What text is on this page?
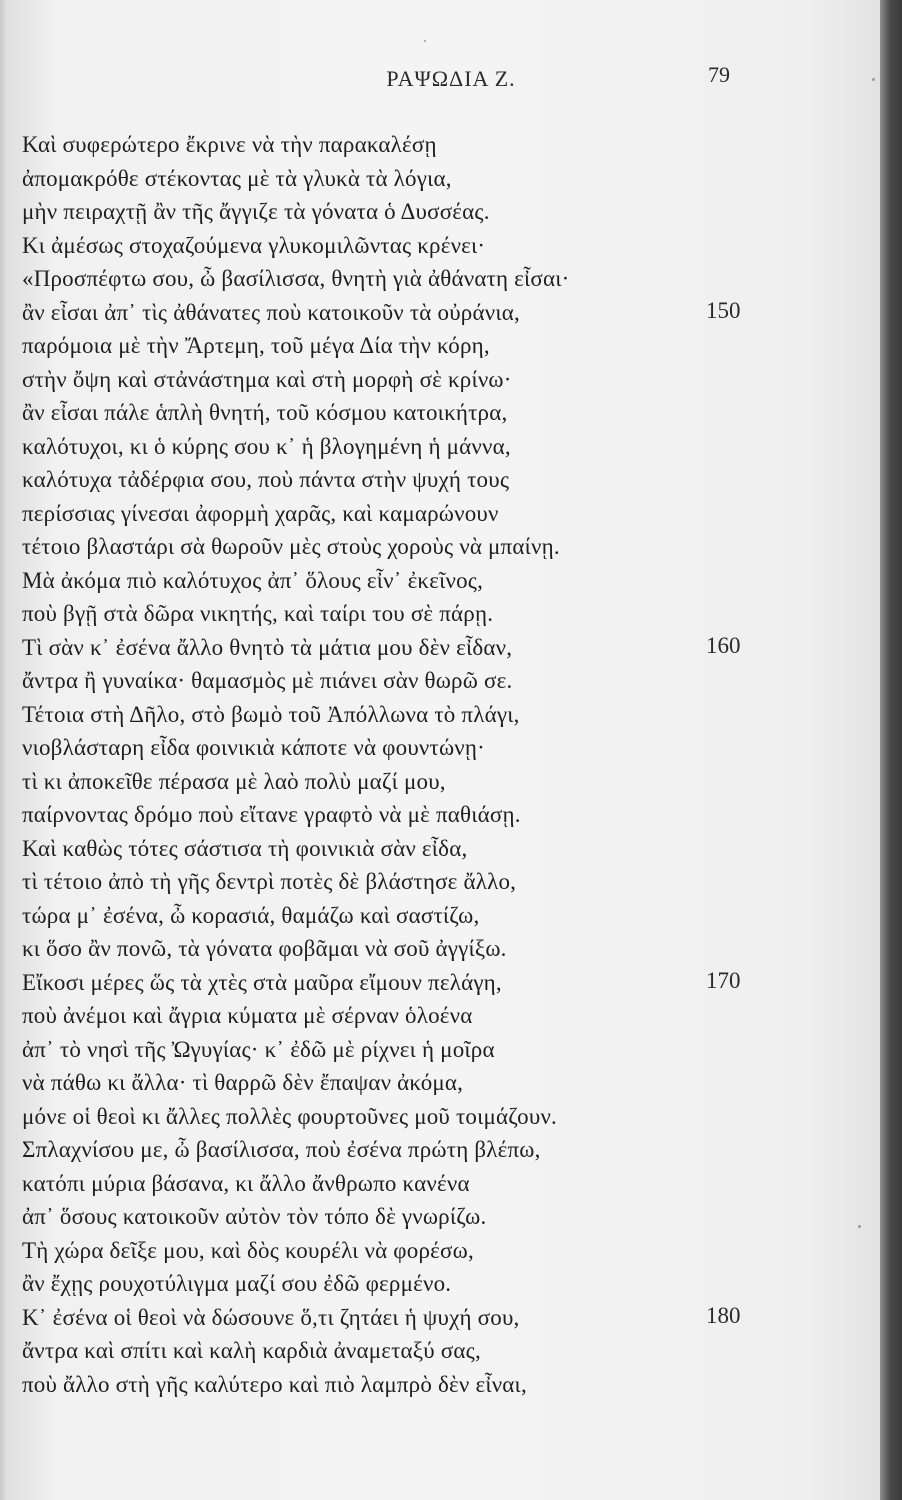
ΡΑΨΩΔΙΑ Ζ.	79
Καὶ συφερώτερο ἔκρινε νὰ τὴν παρακαλέσῃ
ἀπομακρόθε στέκοντας μὲ τὰ γλυκὰ τὰ λόγια,
μὴν πειραχτῇ ἂν τῆς ἄγγιζε τὰ γόνατα ὁ Δυσσέας.
Κι ἀμέσως στοχαζούμενα γλυκομιλῶντας κρένει·
«Προσπέφτω σου, ὦ βασίλισσα, θνητὴ γιὰ ἀθάνατη εἶσαι·
ἂν εἶσαι ἀπ᾿ τὶς ἀθάνατες ποὺ κατοικοῦν τὰ οὐράνια,
παρόμοια μὲ τὴν Ἄρτεμη, τοῦ μέγα Δία τὴν κόρη,
στὴν ὄψη καὶ στἀνάστημα καὶ στὴ μορφὴ σὲ κρίνω·
ἂν εἶσαι πάλε ἁπλὴ θνητή, τοῦ κόσμου κατοικήτρα,
καλότυχοι, κι ὁ κύρης σου κ᾿ ἡ βλογημένη ἡ μάννα,
καλότυχα τἀδέρφια σου, ποὺ πάντα στὴν ψυχή τους
περίσσιας γίνεσαι ἀφορμὴ χαρᾶς, καὶ καμαρώνουν
τέτοιο βλαστάρι σὰ θωροῦν μὲς στοὺς χοροὺς νὰ μπαίνῃ.
Μὰ ἀκόμα πιὸ καλότυχος ἀπ᾿ ὅλους εἶν᾿ ἐκεῖνος,
ποὺ βγῇ στὰ δῶρα νικητής, καὶ ταίρι του σὲ πάρῃ.
Τὶ σὰν κ᾿ ἐσένα ἄλλο θνητὸ τὰ μάτια μου δὲν εἶδαν,
ἄντρα ἢ γυναίκα· θαμασμὸς μὲ πιάνει σὰν θωρῶ σε.
Τέτοια στὴ Δῆλο, στὸ βωμὸ τοῦ Ἀπόλλωνα τὸ πλάγι,
νιοβλάσταρη εἶδα φοινικιὰ κάποτε νὰ φουντώνῃ·
τὶ κι ἀποκεῖθε πέρασα μὲ λαὸ πολὺ μαζί μου,
παίρνοντας δρόμο ποὺ εἴτανε γραφτὸ νὰ μὲ παθιάσῃ.
Καὶ καθὼς τότες σάστισα τὴ φοινικιὰ σὰν εἶδα,
τὶ τέτοιο ἀπὸ τὴ γῆς δεντρὶ ποτὲς δὲ βλάστησε ἄλλο,
τώρα μ᾿ ἐσένα, ὦ κορασιά, θαμάζω καὶ σαστίζω,
κι ὅσο ἂν πονῶ, τὰ γόνατα φοβᾶμαι νὰ σοῦ ἀγγίξω.
Εἴκοσι μέρες ὥς τὰ χτὲς στὰ μαῦρα εἴμουν πελάγη,
ποὺ ἀνέμοι καὶ ἄγρια κύματα μὲ σέρναν ὁλοένα
ἀπ᾿ τὸ νησὶ τῆς Ὠγυγίας· κ᾿ ἐδῶ μὲ ρίχνει ἡ μοῖρα
νὰ πάθω κι ἄλλα· τὶ θαρρῶ δὲν ἔπαψαν ἀκόμα,
μόνε οἱ θεοὶ κι ἄλλες πολλὲς φουρτοῦνες μοῦ τοιμάζουν.
Σπλαχνίσου με, ὦ βασίλισσα, ποὺ ἐσένα πρώτη βλέπω,
κατόπι μύρια βάσανα, κι ἄλλο ἄνθρωπο κανένα
ἀπ᾿ ὅσους κατοικοῦν αὐτὸν τὸν τόπο δὲ γνωρίζω.
Τὴ χώρα δεῖξε μου, καὶ δὸς κουρέλι νὰ φορέσω,
ἂν ἔχῃς ρουχοτύλιγμα μαζί σου ἐδῶ φερμένο.
Κ᾿ ἐσένα οἱ θεοὶ νὰ δώσουνε ὅ,τι ζητάει ἡ ψυχή σου,
ἄντρα καὶ σπίτι καὶ καλὴ καρδιὰ ἀναμεταξύ σας,
ποὺ ἄλλο στὴ γῆς καλύτερο καὶ πιὸ λαμπρὸ δὲν εἶναι,
150
160
170
180
